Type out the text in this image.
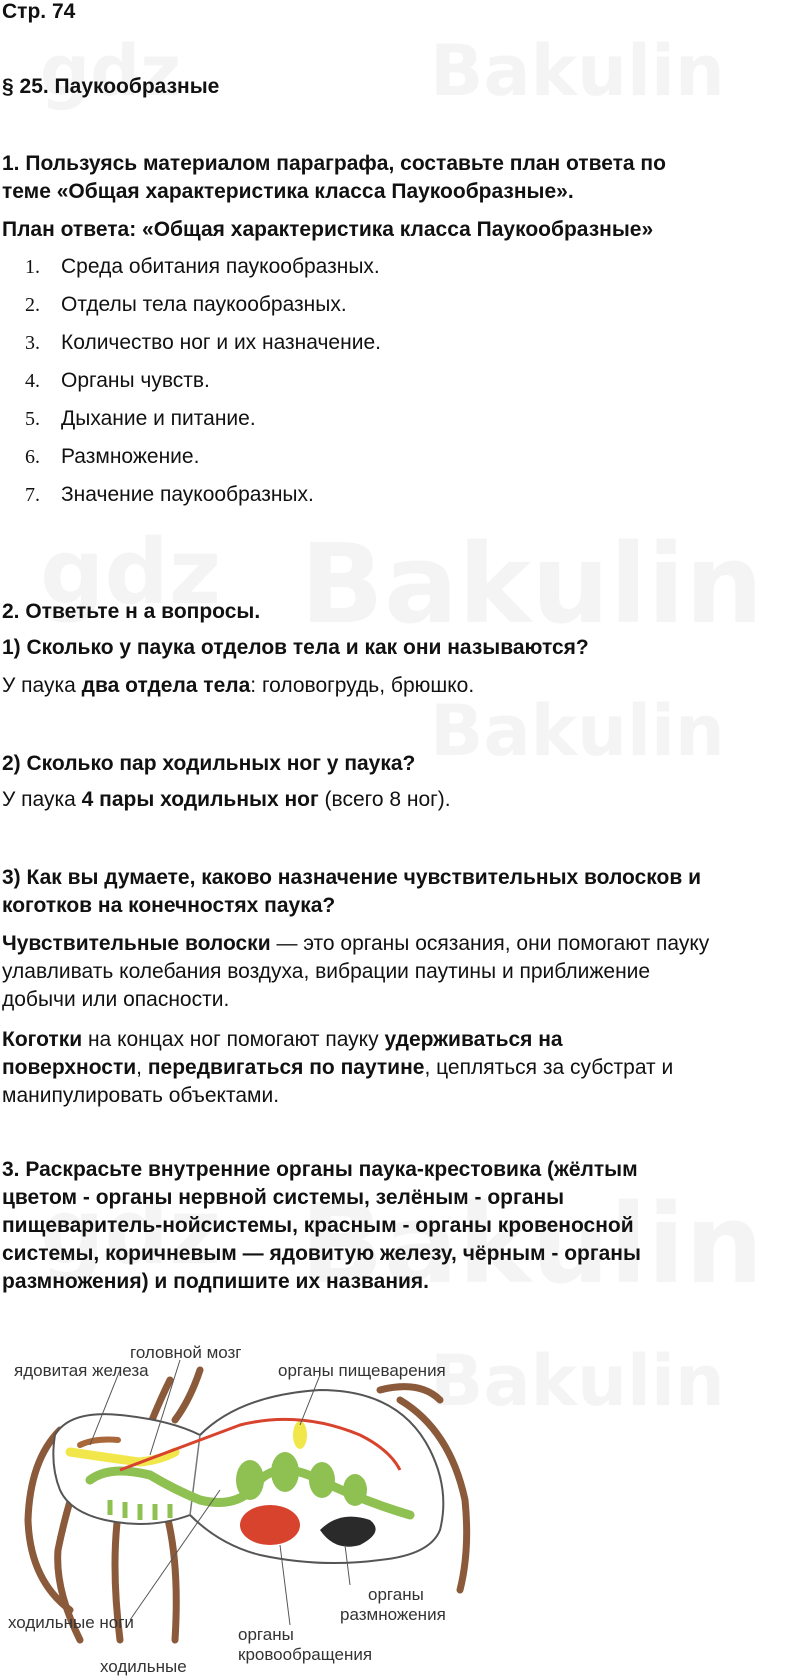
Стр. 74
§ 25. Паукообразные
1. Пользуясь материалом параграфа, составьте план ответа по
теме «Общая характеристика класса Паукообразные».
План ответа: «Общая характеристика класса Паукообразные»
1. Среда обитания паукообразных.
2. Отделы тела паукообразных.
3. Количество ног и их назначение.
4. Органы чувств.
5. Дыхание и питание.
6. Размножение.
7. Значение паукообразных.
2. Ответьте н а вопросы.
1) Сколько у паука отделов тела и как они называются?
У паука два отдела тела: головогрудь, брюшко.
2) Сколько пар ходильных ног у паука?
У паука 4 пары ходильных ног (всего 8 ног).
3) Как вы думаете, каково назначение чувствительных волосков и
коготков на конечностях паука?
Чувствительные волоски — это органы осязания, они помогают пауку
улавливать колебания воздуха, вибрации паутины и приближение
добычи или опасности.
Коготки на концах ног помогают пауку удерживаться на
поверхности, передвигаться по паутине, цепляться за субстрат и
манипулировать объектами.
3. Раскрасьте внутренние органы паука-крестовика (жёлтым
цветом - органы нервной системы, зелёным - органы
пищеваритель-нойсистемы, красным - органы кровеносной
системы, коричневым — ядовитую железу, чёрным - органы
размножения) и подпишите их названия.
головной мозг
ядовитая железа	органы пищеварения
ходильные ноги
ходильные
органы
кровообращения
органы
размножения
